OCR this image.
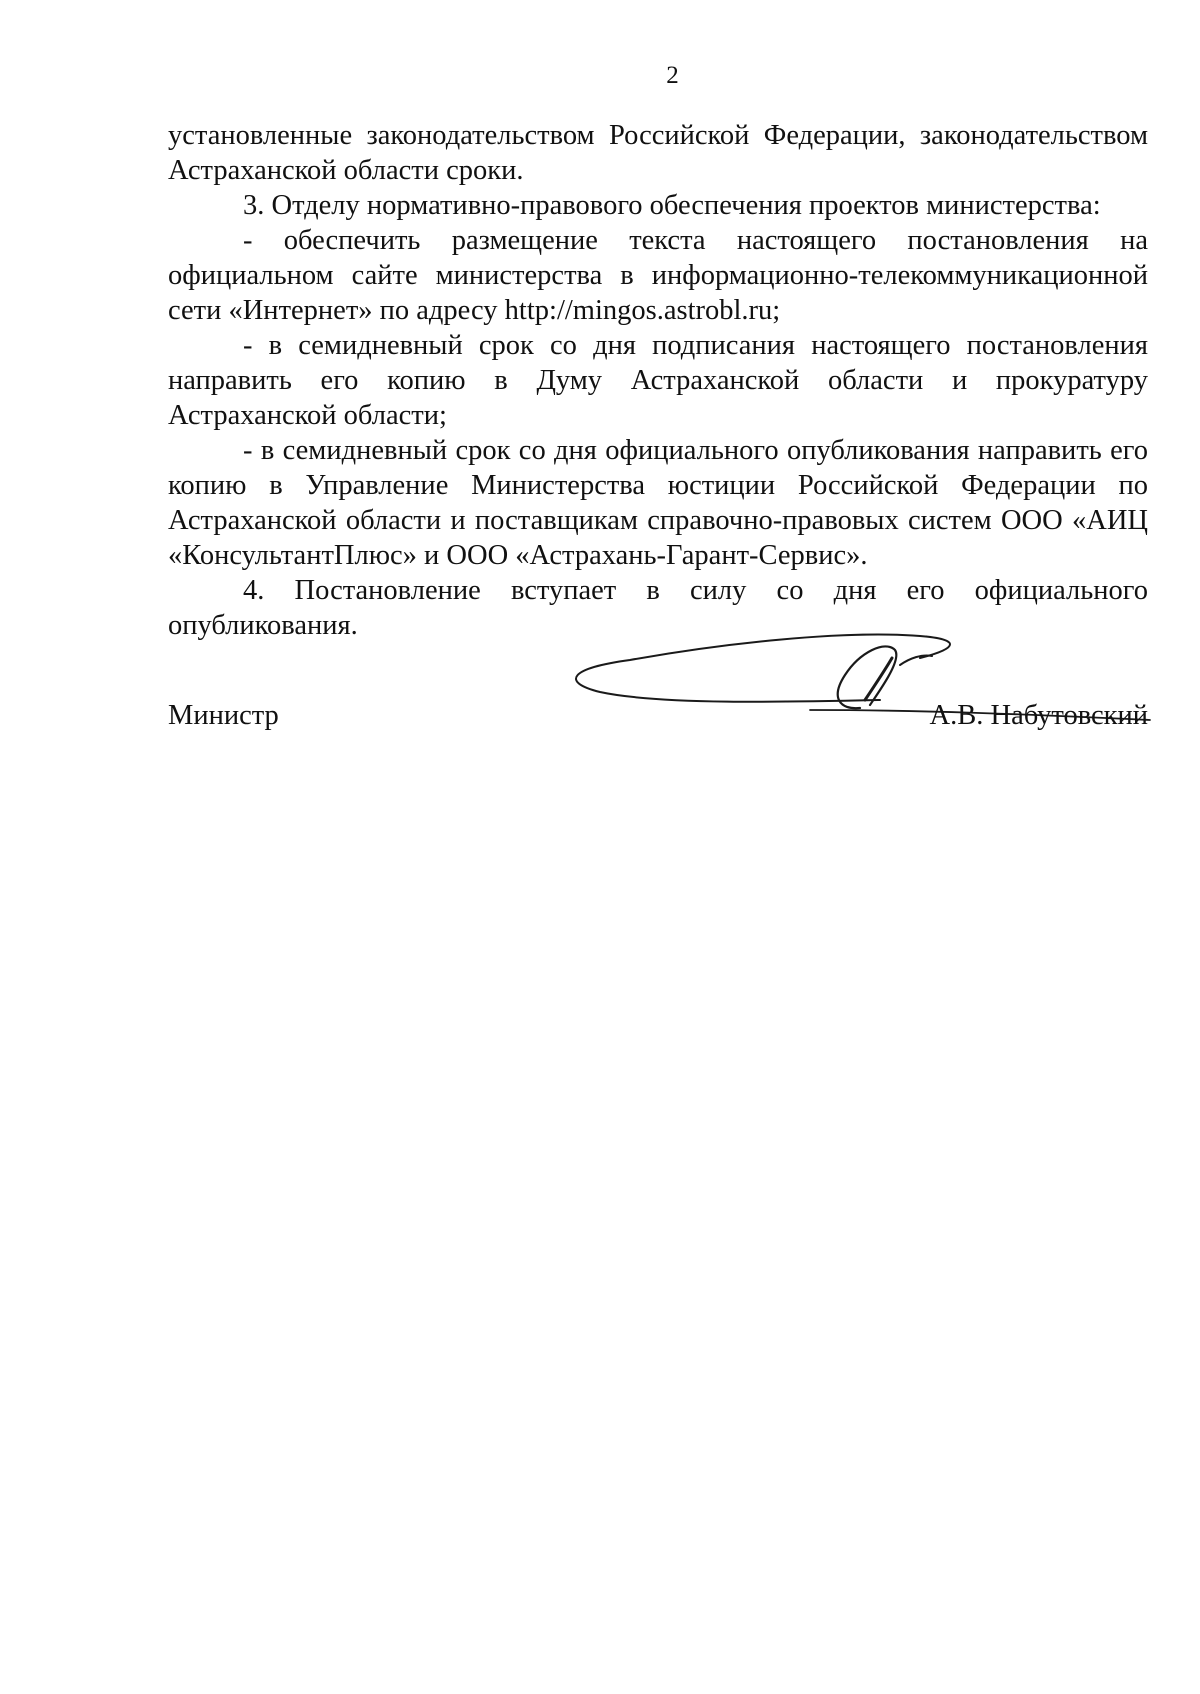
2

установленные законодательством Российской Федерации, законодательством Астраханской области сроки.

3. Отделу нормативно-правового обеспечения проектов министерства:

- обеспечить размещение текста настоящего постановления на официальном сайте министерства в информационно-телекоммуникационной сети «Интернет» по адресу http://mingos.astrobl.ru;

- в семидневный срок со дня подписания настоящего постановления направить его копию в Думу Астраханской области и прокуратуру Астраханской области;

- в семидневный срок со дня официального опубликования направить его копию в Управление Министерства юстиции Российской Федерации по Астраханской области и поставщикам справочно-правовых систем ООО «АИЦ «КонсультантПлюс» и ООО «Астрахань-Гарант-Сервис».

4. Постановление вступает в силу со дня его официального опубликования.

Министр	А.В. Набутовский
